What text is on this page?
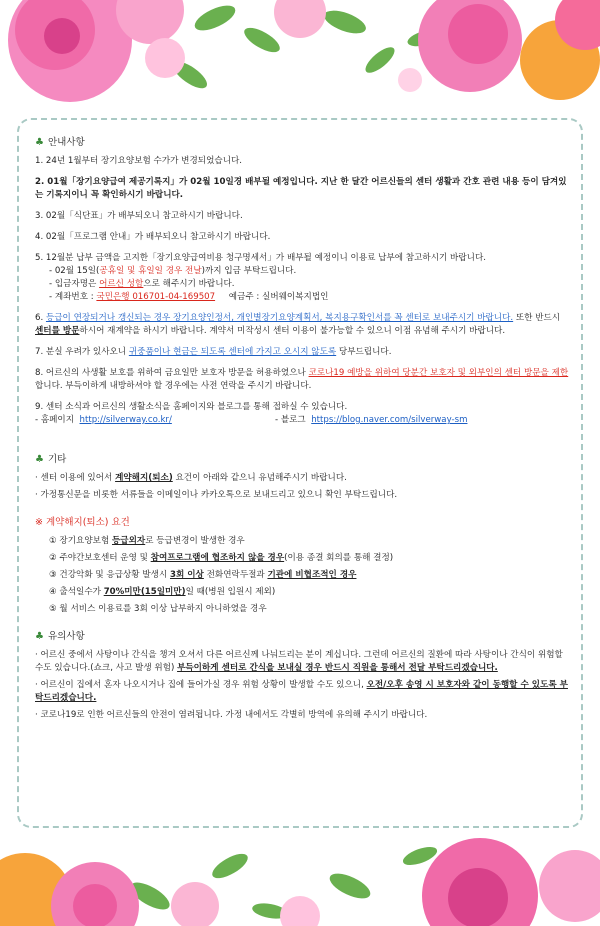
♣ 안내사항
1. 24년 1월부터 장기요양보험 수가가 변경되었습니다.
2. 01월「장기요양급여 제공기록지」가 02월 10일경 배부될 예정입니다. 지난 한 달간 어르신들의 센터 생활과 간호 관련 내용 등이 담겨있는 기록지이니 꼭 확인하시기 바랍니다.
3. 02월「식단표」가 배부되오니 참고하시기 바랍니다.
4. 02월「프로그램 안내」가 배부되오니 참고하시기 바랍니다.
5. 12월분 납부 금액을 고지한「장기요양급여비용 청구명세서」가 배부될 예정이니 이용료 납부에 참고하시기 바랍니다.
- 02월 15일(공휴일 및 휴일일 경우 전날)까지 입금 부탁드립니다.
- 입금자명은 어르신 성함으로 해주시기 바랍니다.
- 계좌번호 : 국민은행 016701-04-169507 예금주 : 실버웨이복지법인
6. 등급이 연장되거나 갱신되는 경우 장기요양인정서, 개인별장기요양계획서, 복지용구확인서를 꼭 센터로 보내주시기 바랍니다. 또한 반드시 센터를 방문하시어 재계약을 하시기 바랍니다. 계약서 미작성시 센터 이용이 불가능할 수 있으니 이점 유념해 주시기 바랍니다.
7. 분실 우려가 있사오니 귀중품이나 현금은 되도록 센터에 가지고 오시지 않도록 당부드립니다.
8. 어르신의 사생활 보호를 위하여 금요일만 보호자 방문을 허용하였으나 코로나19 예방을 위하여 당분간 보호자 및 외부인의 센터 방문을 제한합니다. 부득이하게 내방하셔야 할 경우에는 사전 연락을 주시기 바랍니다.
9. 센터 소식과 어르신의 생활소식을 홈페이지와 블로그를 통해 접하실 수 있습니다.
- 홈페이지 http://silverway.co.kr/	- 블로그 https://blog.naver.com/silverway-sm
♣ 기타
· 센터 이용에 있어서 계약해지(퇴소) 요건이 아래와 같으니 유념해주시기 바랍니다.
· 가정통신문을 비롯한 서류들을 이메일이나 카카오톡으로 보내드리고 있으니 확인 부탁드립니다.
※ 계약해지(퇴소) 요건
① 장기요양보험 등급외자로 등급변경이 발생한 경우
② 주야간보호센터 운영 및 참여프로그램에 협조하지 않을 경우(이용 종결 회의를 통해 결정)
③ 건강악화 및 응급상황 발생시 3회 이상 전화연락두절과 기관에 비협조적인 경우
④ 출석일수가 70%미만(15일미만)일 때(병원 입원시 제외)
⑤ 월 서비스 이용료를 3회 이상 납부하지 아니하였을 경우
♣ 유의사항
· 어르신 중에서 사탕이나 간식을 챙겨 오셔서 다른 어르신께 나눠드리는 분이 계십니다. 그런데 어르신의 질환에 따라 사탕이나 간식이 위험할 수도 있습니다.(쇼크, 사고 발생 위험) 부득이하게 센터로 간식을 보내실 경우 반드시 직원을 통해서 전달 부탁드리겠습니다.
· 어르신이 집에서 혼자 나오시거나 집에 들어가실 경우 위험 상황이 발생할 수도 있으니, 오전/오후 송영 시 보호자와 같이 동행할 수 있도록 부탁드리겠습니다.
· 코로나19로 인한 어르신들의 안전이 염려됩니다. 가정 내에서도 각별히 방역에 유의해 주시기 바랍니다.
